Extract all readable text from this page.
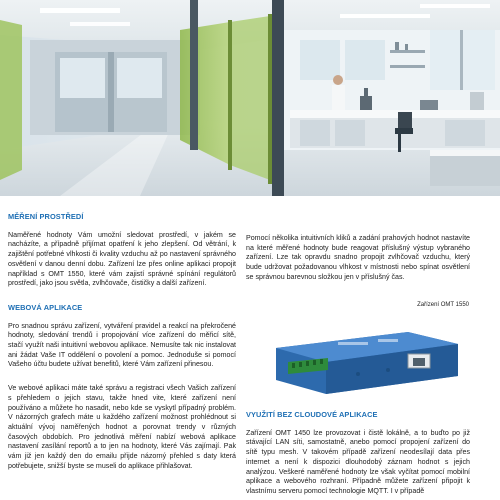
MĚŘENÍ PROSTŘEDÍ

Naměřené hodnoty Vám umožní sledovat prostředí, v jakém se nacházíte, a případně přijímat opatření k jeho zlepšení. Od větrání, k zajištění potřebné vlhkosti či kvality vzduchu až po nastavení správného osvětlení v danou denní dobu. Zařízení lze přes online aplikaci propojit například s OMT 1550, které vám zajistí správné spínání regulátorů prostředí, jako jsou světla, zvlhčovače, čističky a další zařízení.

WEBOVÁ APLIKACE

Pro snadnou správu zařízení, vytváření pravidel a reakcí na překročené hodnoty, sledování trendů i propojování více zařízení do měřicí sítě, stačí využít naši intuitivní webovou aplikace. Nemusíte tak nic instalovat ani žádat Vaše IT oddělení o povolení a pomoc. Jednoduše si pomocí Vašeho účtu budete užívat benefitů, které Vám zařízení přinesou.

Ve webové aplikaci máte také správu a registraci všech Vašich zařízení s přehledem o jejich stavu, takže hned vite, které zařízení není používáno a můžete ho nasadit, nebo kde se vyskytl případný problém. V názorných grafech máte u každého zařízení možnost prohlédnout si aktuální vývoj naměřených hodnot a porovnat trendy v různých časových obdobích. Pro jednotlivá měření nabízí webová aplikace nastavení zasílání reportů a to jen na hodnoty, které Vás zajímají. Pak vám již jen každý den do emailu přijde názorný přehled s daty která potřebujete, snižší byste se museli do aplikace přihlašovat.

Pomocí několika intuitivních kliků a zadání prahových hodnot nastavíte na které měřené hodnoty bude reagovat příslušný výstup vybraného zařízení. Lze tak opravdu snadno propojit zvlhčovač vzduchu, který bude udržovat požadovanou vlhkost v místnosti nebo spínat osvětlení se správnou barevnou složkou jen v příslušný čas.

Zařízení OMT 1550
VYUŽITÍ BEZ CLOUDOVÉ APLIKACE

Zařízení OMT 1450 lze provozovat i čistě lokálně, a to buďto po již stávající LAN síti, samostatně, anebo pomocí propojení zařízení do sítě typu mesh. V takovém případě zařízení neodesílají data přes internet a není k dispozici dlouhodobý záznam hodnot s jejich analýzou. Veškeré naměřené hodnoty lze však vyčítat pomocí mobilní aplikace a webového rozhraní. Případně můžete zařízení připojit k vlastnímu serveru pomocí technologie MQTT. I v případě
